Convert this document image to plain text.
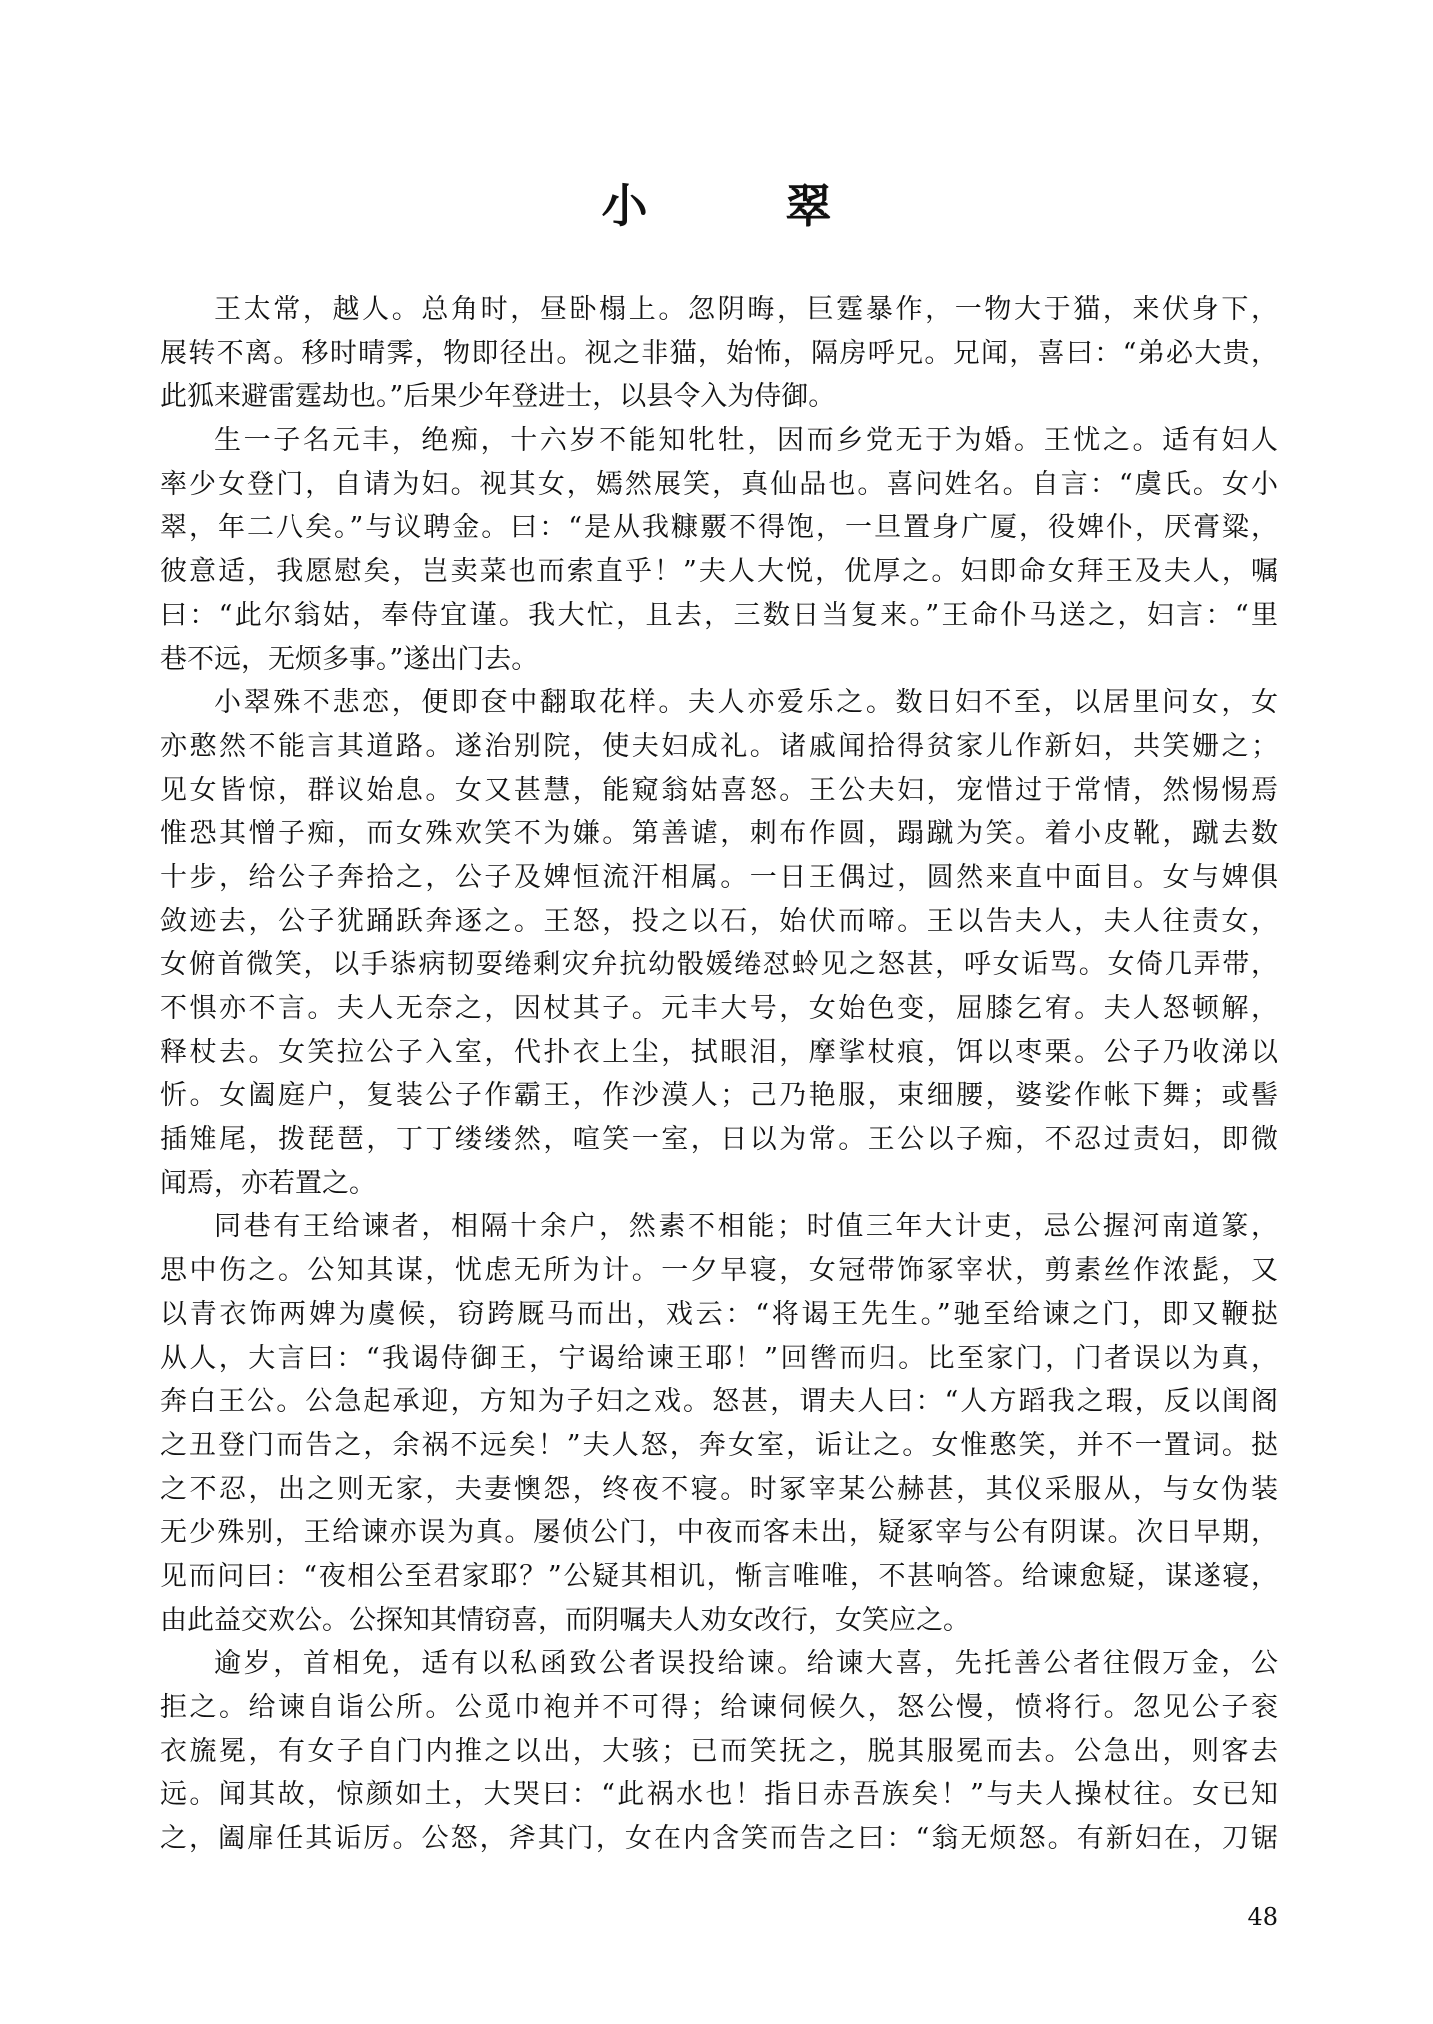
小　翠
王太常，越人。总角时，昼卧榻上。忽阴晦，巨霆暴作，一物大于猫，来伏身下，
展转不离。移时晴霁，物即径出。视之非猫，始怖，隔房呼兄。兄闻，喜曰：“弟必大贵，
此狐来避雷霆劫也。”后果少年登进士，以县令入为侍御。
生一子名元丰，绝痴，十六岁不能知牝牡，因而乡党无于为婚。王忧之。适有妇人
率少女登门，自请为妇。视其女，嫣然展笑，真仙品也。喜问姓名。自言：“虞氏。女小
翠，年二八矣。”与议聘金。曰：“是从我糠覈不得饱，一旦置身广厦，役婢仆，厌膏粱，
彼意适，我愿慰矣，岂卖菜也而索直乎！”夫人大悦，优厚之。妇即命女拜王及夫人，嘱
曰：“此尔翁姑，奉侍宜谨。我大忙，且去，三数日当复来。”王命仆马送之，妇言：“里
巷不远，无烦多事。”遂出门去。
小翠殊不悲恋，便即奁中翻取花样。夫人亦爱乐之。数日妇不至，以居里问女，女
亦憨然不能言其道路。遂治别院，使夫妇成礼。诸戚闻拾得贫家儿作新妇，共笑姗之；
见女皆惊，群议始息。女又甚慧，能窥翁姑喜怒。王公夫妇，宠惜过于常情，然惕惕焉
惟恐其憎子痴，而女殊欢笑不为嫌。第善谑，刺布作圆，蹋蹴为笑。着小皮靴，蹴去数
十步，给公子奔拾之，公子及婢恒流汗相属。一日王偶过，圆然来直中面目。女与婢俱
敛迹去，公子犹踊跃奔逐之。王怒，投之以石，始伏而啼。王以告夫人，夫人往责女，
女俯首微笑，以手㓒病韧耍绻剩灾弁抗幼骰媛绻怼蛉见之怒甚，呼女诟骂。女倚几弄带，
不惧亦不言。夫人无奈之，因杖其子。元丰大号，女始色变，屈膝乞宥。夫人怒顿解，
释杖去。女笑拉公子入室，代扑衣上尘，拭眼泪，摩挲杖痕，饵以枣栗。公子乃收涕以
忻。女阖庭户，复装公子作霸王，作沙漠人；己乃艳服，束细腰，婆娑作帐下舞；或髻
插雉尾，拨琵琶，丁丁缕缕然，喧笑一室，日以为常。王公以子痴，不忍过责妇，即微
闻焉，亦若置之。
同巷有王给谏者，相隔十余户，然素不相能；时值三年大计吏，忌公握河南道篆，
思中伤之。公知其谋，忧虑无所为计。一夕早寝，女冠带饰冢宰状，剪素丝作浓髭，又
以青衣饰两婢为虞候，窃跨厩马而出，戏云：“将谒王先生。”驰至给谏之门，即又鞭挞
从人，大言曰：“我谒侍御王，宁谒给谏王耶！”回辔而归。比至家门，门者误以为真，
奔白王公。公急起承迎，方知为子妇之戏。怒甚，谓夫人曰：“人方蹈我之瑕，反以闺阁
之丑登门而告之，余祸不远矣！”夫人怒，奔女室，诟让之。女惟憨笑，并不一置词。挞
之不忍，出之则无家，夫妻懊怨，终夜不寝。时冢宰某公赫甚，其仪采服从，与女伪装
无少殊别，王给谏亦误为真。屡侦公门，中夜而客未出，疑冢宰与公有阴谋。次日早期，
见而问曰：“夜相公至君家耶？”公疑其相讥，惭言唯唯，不甚响答。给谏愈疑，谋遂寝，
由此益交欢公。公探知其情窃喜，而阴嘱夫人劝女改行，女笑应之。
逾岁，首相免，适有以私函致公者误投给谏。给谏大喜，先托善公者往假万金，公
拒之。给谏自诣公所。公觅巾袍并不可得；给谏伺候久，怒公慢，愤将行。忽见公子衮
衣旒冕，有女子自门内推之以出，大骇；已而笑抚之，脱其服冕而去。公急出，则客去
远。闻其故，惊颜如土，大哭曰：“此祸水也！指日赤吾族矣！”与夫人操杖往。女已知
之，阖扉任其诟厉。公怒，斧其门，女在内含笑而告之曰：“翁无烦怒。有新妇在，刀锯
48
